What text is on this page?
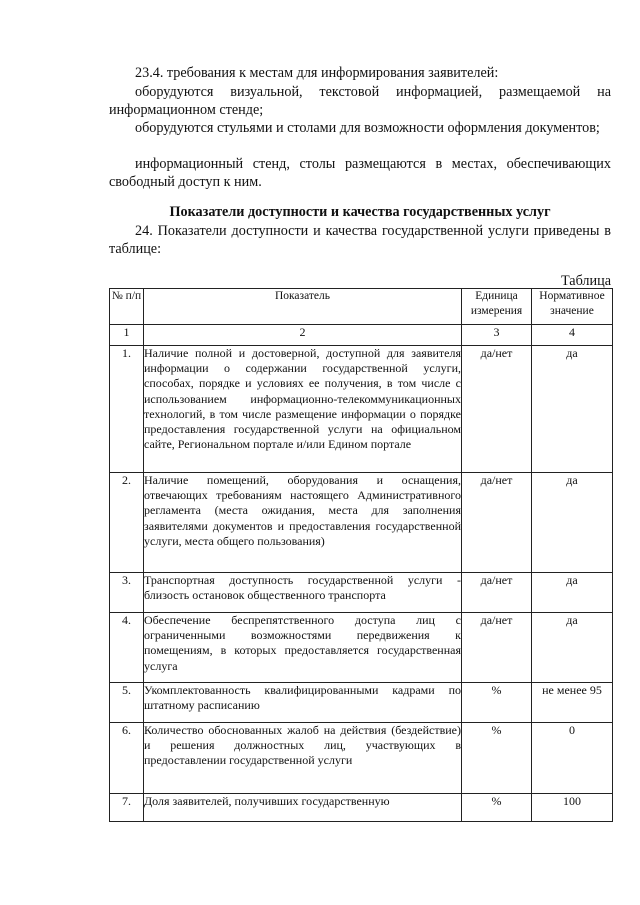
23.4. требования к местам для информирования заявителей:

оборудуются визуальной, текстовой информацией, размещаемой на информационном стенде;

оборудуются стульями и столами для возможности оформления документов;

информационный стенд, столы размещаются в местах, обеспечивающих свободный доступ к ним.

Показатели доступности и качества государственных услуг

24. Показатели доступности и качества государственной услуги приведены в таблице:

Таблица
№ п/п	Показатель	Единица измерения	Нормативное значение
1	2	3	4
1.	Наличие полной и достоверной, доступной для заявителя информации о содержании государственной услуги, способах, порядке и условиях ее получения, в том числе с использованием информационно-телекоммуникационных технологий, в том числе размещение информации о порядке предоставления государственной услуги на официальном сайте, Региональном портале и/или Едином портале	да/нет	да
2.	Наличие помещений, оборудования и оснащения, отвечающих требованиям настоящего Административного регламента (места ожидания, места для заполнения заявителями документов и предоставления государственной услуги, места общего пользования)	да/нет	да
3.	Транспортная доступность государственной услуги - близость остановок общественного транспорта	да/нет	да
4.	Обеспечение беспрепятственного доступа лиц с ограниченными возможностями передвижения к помещениям, в которых предоставляется государственная услуга	да/нет	да
5.	Укомплектованность квалифицированными кадрами по штатному расписанию	%	не менее 95
6.	Количество обоснованных жалоб на действия (бездействие) и решения должностных лиц, участвующих в предоставлении государственной услуги	%	0
7.	Доля заявителей, получивших государственную	%	100
